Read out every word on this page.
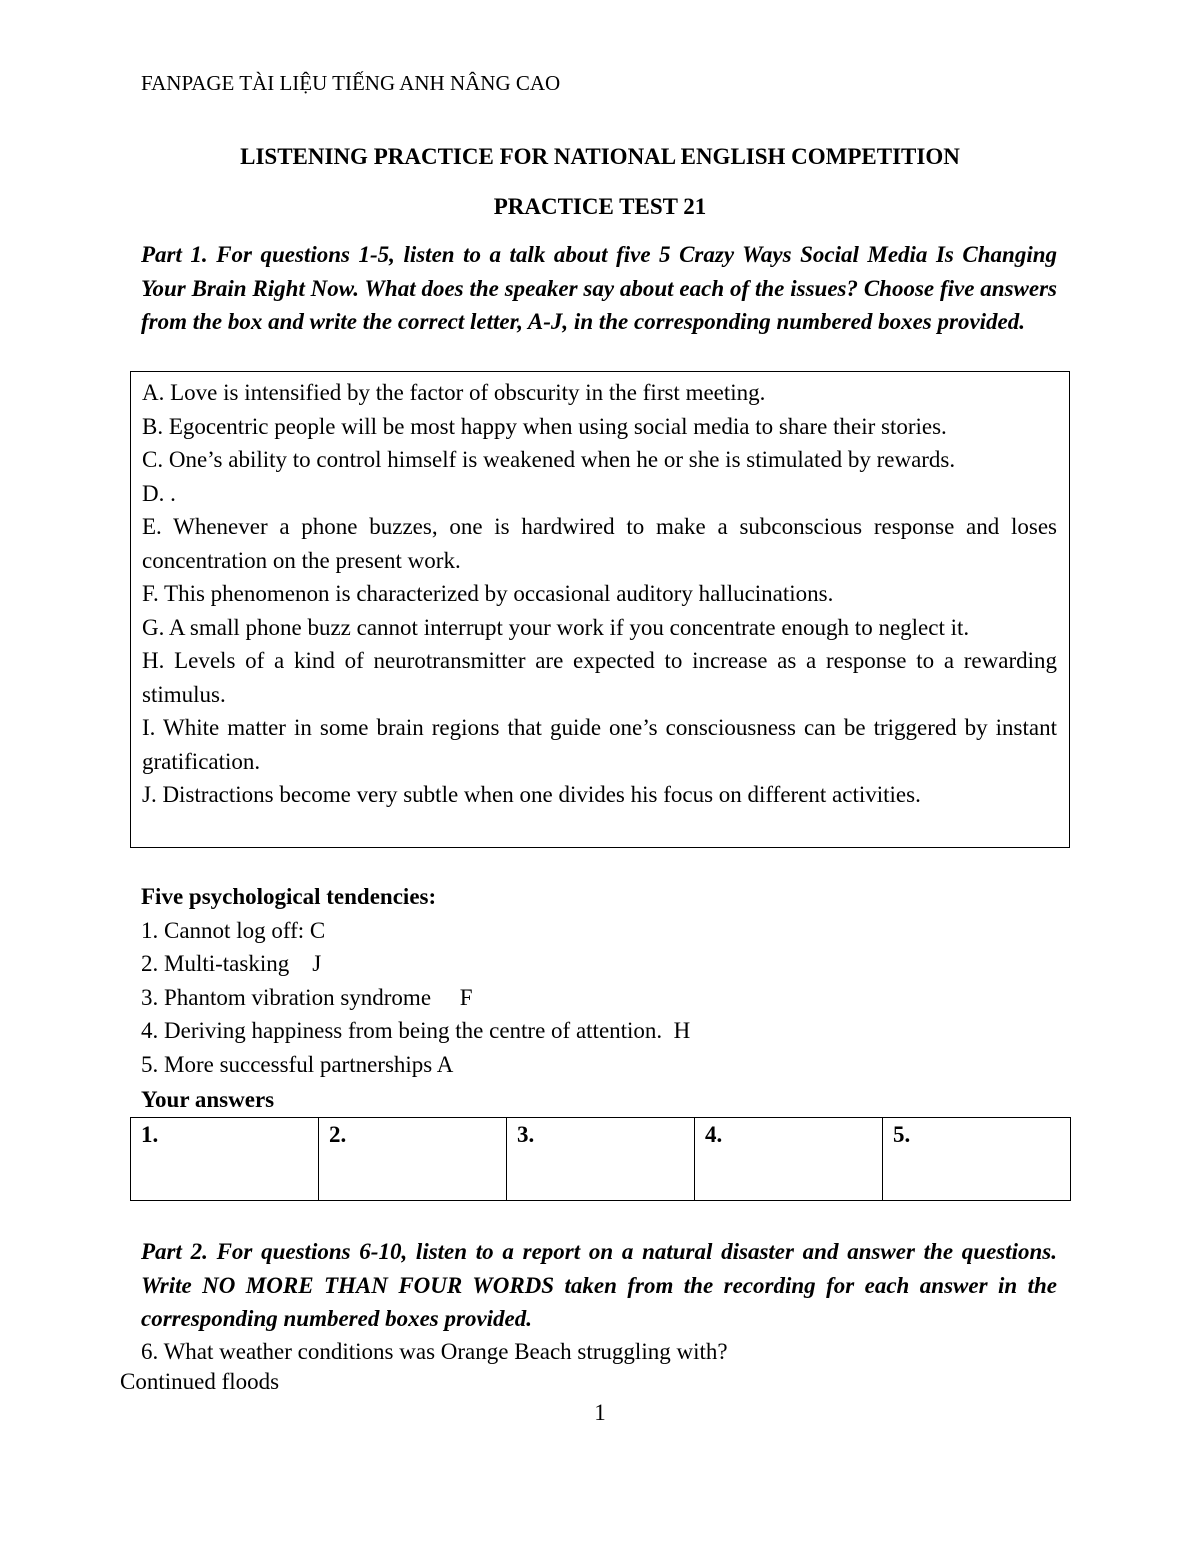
FANPAGE TÀI LIỆU TIẾNG ANH NÂNG CAO
LISTENING PRACTICE FOR NATIONAL ENGLISH COMPETITION
PRACTICE TEST 21

Part 1. For questions 1-5, listen to a talk about five 5 Crazy Ways Social Media Is Changing Your Brain Right Now. What does the speaker say about each of the issues? Choose five answers from the box and write the correct letter, A-J, in the corresponding numbered boxes provided.

A. Love is intensified by the factor of obscurity in the first meeting.
B. Egocentric people will be most happy when using social media to share their stories.
C. One’s ability to control himself is weakened when he or she is stimulated by rewards.
D. .
E. Whenever a phone buzzes, one is hardwired to make a subconscious response and loses concentration on the present work.
F. This phenomenon is characterized by occasional auditory hallucinations.
G. A small phone buzz cannot interrupt your work if you concentrate enough to neglect it.
H. Levels of a kind of neurotransmitter are expected to increase as a response to a rewarding stimulus.
I. White matter in some brain regions that guide one’s consciousness can be triggered by instant gratification.
J. Distractions become very subtle when one divides his focus on different activities.
Five psychological tendencies:
1. Cannot log off: C
2. Multi-tasking    J
3. Phantom vibration syndrome     F
4. Deriving happiness from being the centre of attention.  H
5. More successful partnerships A
Your answers
1.	2.	3.	4.	5.

Part 2. For questions 6-10, listen to a report on a natural disaster and answer the questions. Write NO MORE THAN FOUR WORDS taken from the recording for each answer in the corresponding numbered boxes provided.

6. What weather conditions was Orange Beach struggling with?
Continued floods
1
